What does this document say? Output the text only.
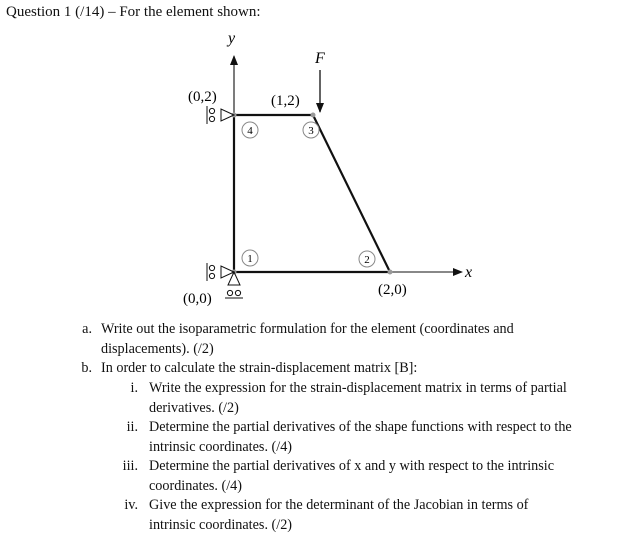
Question 1 (/14) – For the element shown:
y
x
F
4	3
1	2
(0,2)	(1,2)
(0,0)
(2,0)
a. Write out the isoparametric formulation for the element (coordinates and
displacements). (/2)
b. In order to calculate the strain-displacement matrix [B]:
i. Write the expression for the strain-displacement matrix in terms of partial
derivatives. (/2)
ii. Determine the partial derivatives of the shape functions with respect to the
intrinsic coordinates. (/4)
iii. Determine the partial derivatives of x and y with respect to the intrinsic
coordinates. (/4)
iv. Give the expression for the determinant of the Jacobian in terms of
intrinsic coordinates. (/2)
